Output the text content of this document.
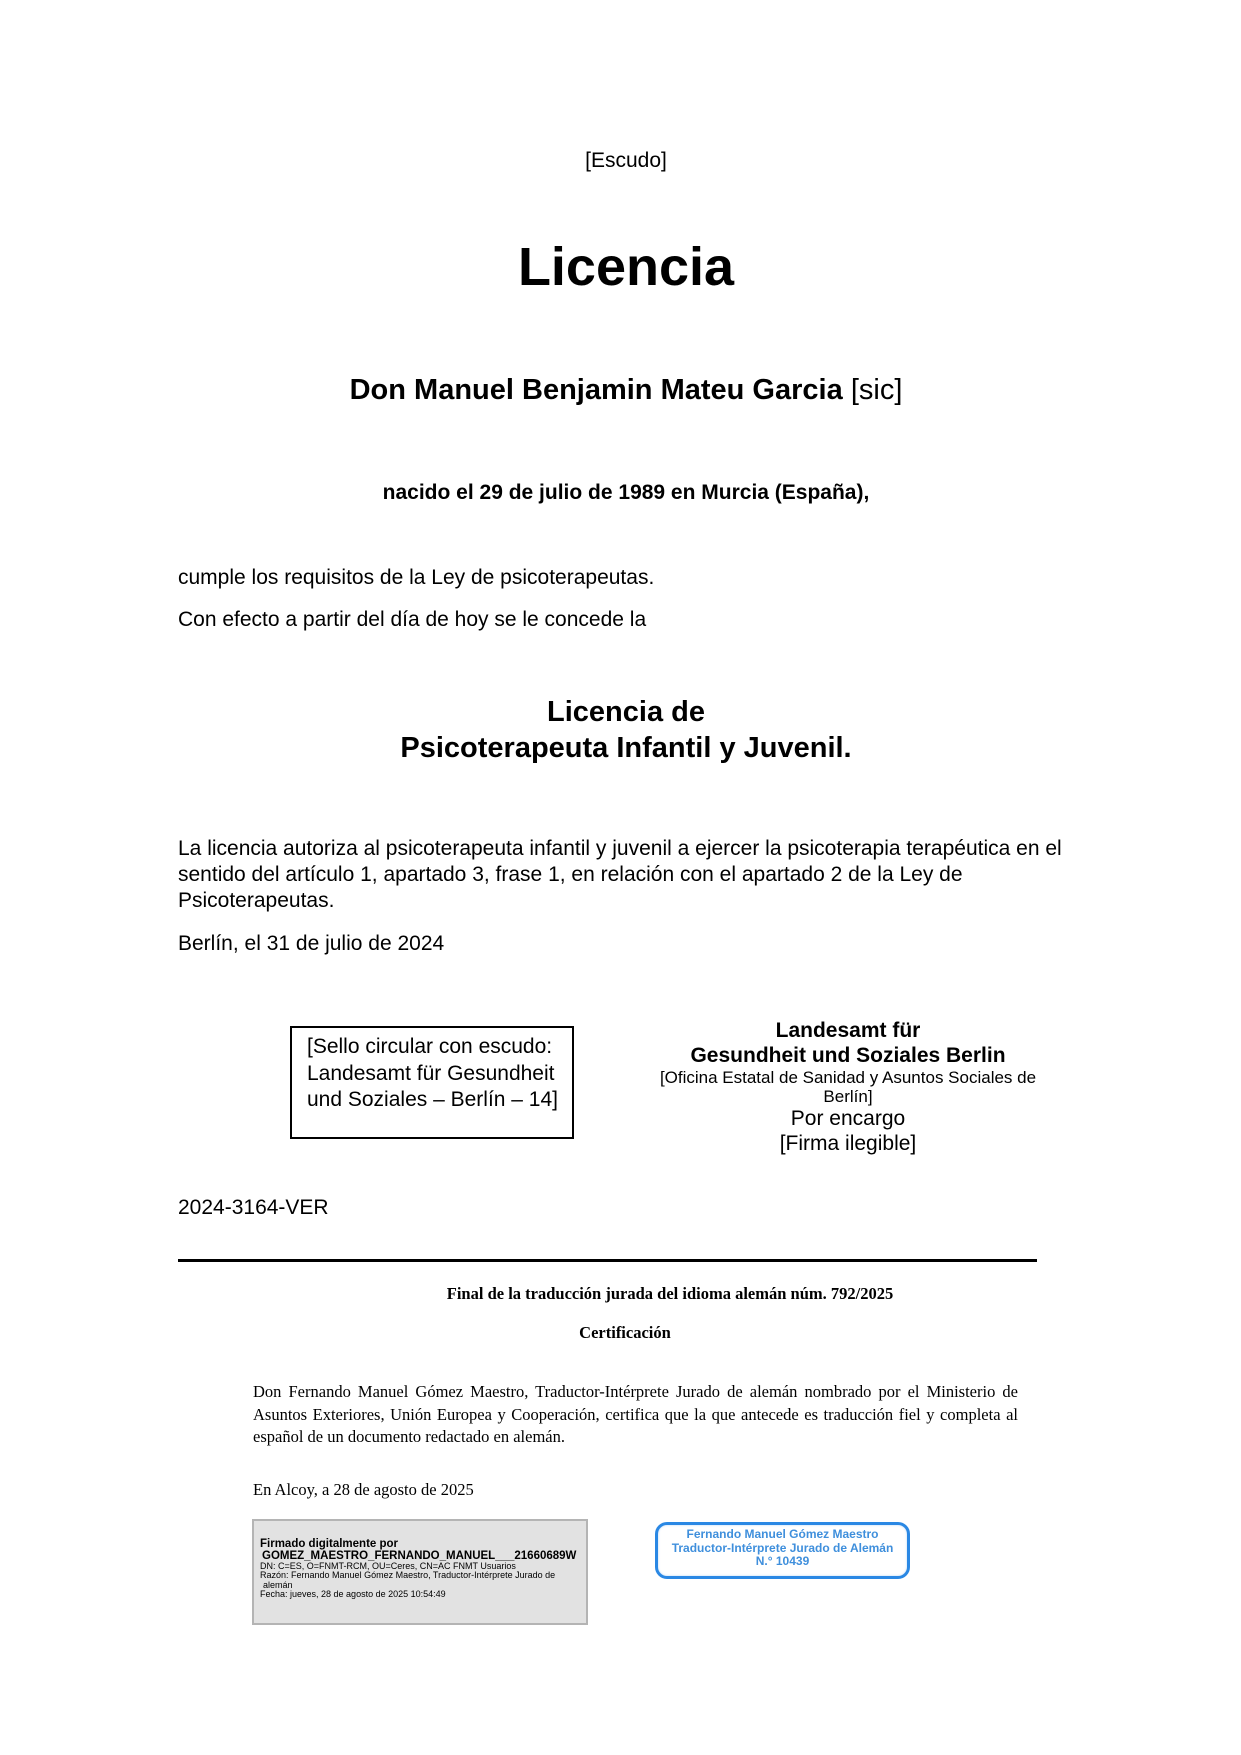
[Escudo]
Licencia
Don Manuel Benjamin Mateu Garcia [sic]
nacido el 29 de julio de 1989 en Murcia (España),
cumple los requisitos de la Ley de psicoterapeutas.
Con efecto a partir del día de hoy se le concede la
Licencia de
Psicoterapeuta Infantil y Juvenil.
La licencia autoriza al psicoterapeuta infantil y juvenil a ejercer la psicoterapia terapéutica en el
sentido del artículo 1, apartado 3, frase 1, en relación con el apartado 2 de la Ley de
Psicoterapeutas.
Berlín, el 31 de julio de 2024
[Sello circular con escudo:
Landesamt für Gesundheit
und Soziales – Berlín – 14]
Landesamt für
Gesundheit und Soziales Berlin
[Oficina Estatal de Sanidad y Asuntos Sociales de
Berlín]
Por encargo
[Firma ilegible]
2024-3164-VER
Final de la traducción jurada del idioma alemán núm. 792/2025
Certificación
Don Fernando Manuel Gómez Maestro, Traductor-Intérprete Jurado de alemán nombrado por el Ministerio de
Asuntos Exteriores, Unión Europea y Cooperación, certifica que la que antecede es traducción fiel y completa al
español de un documento redactado en alemán.
En Alcoy, a 28 de agosto de 2025
Firmado digitalmente por
GOMEZ_MAESTRO_FERNANDO_MANUEL___21660689W
DN: C=ES, O=FNMT-RCM, OU=Ceres, CN=AC FNMT Usuarios
Razón: Fernando Manuel Gómez Maestro, Traductor-Intérprete Jurado de
alemán
Fecha: jueves, 28 de agosto de 2025 10:54:49
Fernando Manuel Gómez Maestro
Traductor-Intérprete Jurado de Alemán
N.° 10439
